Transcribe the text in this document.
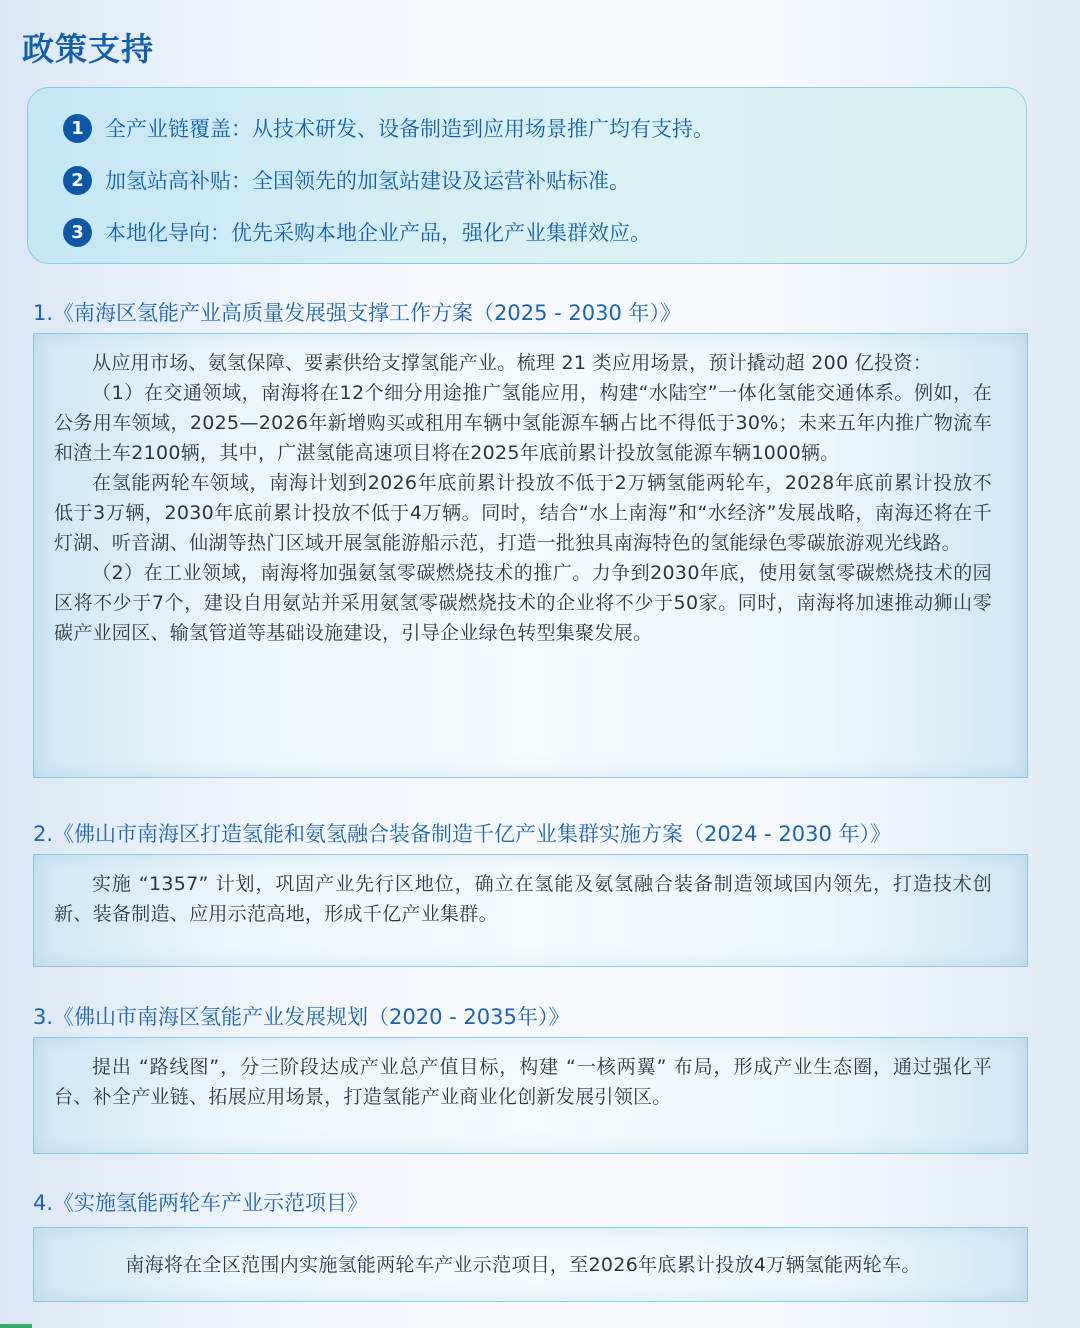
政策支持
1	全产业链覆盖：从技术研发、设备制造到应用场景推广均有支持。
2	加氢站高补贴：全国领先的加氢站建设及运营补贴标准。
3	本地化导向：优先采购本地企业产品，强化产业集群效应。
1.《南海区氢能产业高质量发展强支撑工作方案（2025 - 2030 年）》

从应用市场、氨氢保障、要素供给支撑氢能产业。梳理 21 类应用场景，预计撬动超 200 亿投资：

（1）在交通领域，南海将在12个细分用途推广氢能应用，构建“水陆空”一体化氢能交通体系。例如，在公务用车领域，2025—2026年新增购买或租用车辆中氢能源车辆占比不得低于30%；未来五年内推广物流车和渣土车2100辆，其中，广湛氢能高速项目将在2025年底前累计投放氢能源车辆1000辆。

在氢能两轮车领域，南海计划到2026年底前累计投放不低于2万辆氢能两轮车，2028年底前累计投放不低于3万辆，2030年底前累计投放不低于4万辆。同时，结合“水上南海”和“水经济”发展战略，南海还将在千灯湖、听音湖、仙湖等热门区域开展氢能游船示范，打造一批独具南海特色的氢能绿色零碳旅游观光线路。

（2）在工业领域，南海将加强氨氢零碳燃烧技术的推广。力争到2030年底，使用氨氢零碳燃烧技术的园区将不少于7个，建设自用氨站并采用氨氢零碳燃烧技术的企业将不少于50家。同时，南海将加速推动狮山零碳产业园区、输氢管道等基础设施建设，引导企业绿色转型集聚发展。

2.《佛山市南海区打造氢能和氨氢融合装备制造千亿产业集群实施方案（2024 - 2030 年）》

实施 “1357” 计划，巩固产业先行区地位，确立在氢能及氨氢融合装备制造领域国内领先，打造技术创新、装备制造、应用示范高地，形成千亿产业集群。

3.《佛山市南海区氢能产业发展规划（2020 - 2035年）》

提出 “路线图”，分三阶段达成产业总产值目标，构建 “一核两翼” 布局，形成产业生态圈，通过强化平台、补全产业链、拓展应用场景，打造氢能产业商业化创新发展引领区。

4.《实施氢能两轮车产业示范项目》

南海将在全区范围内实施氢能两轮车产业示范项目，至2026年底累计投放4万辆氢能两轮车。
